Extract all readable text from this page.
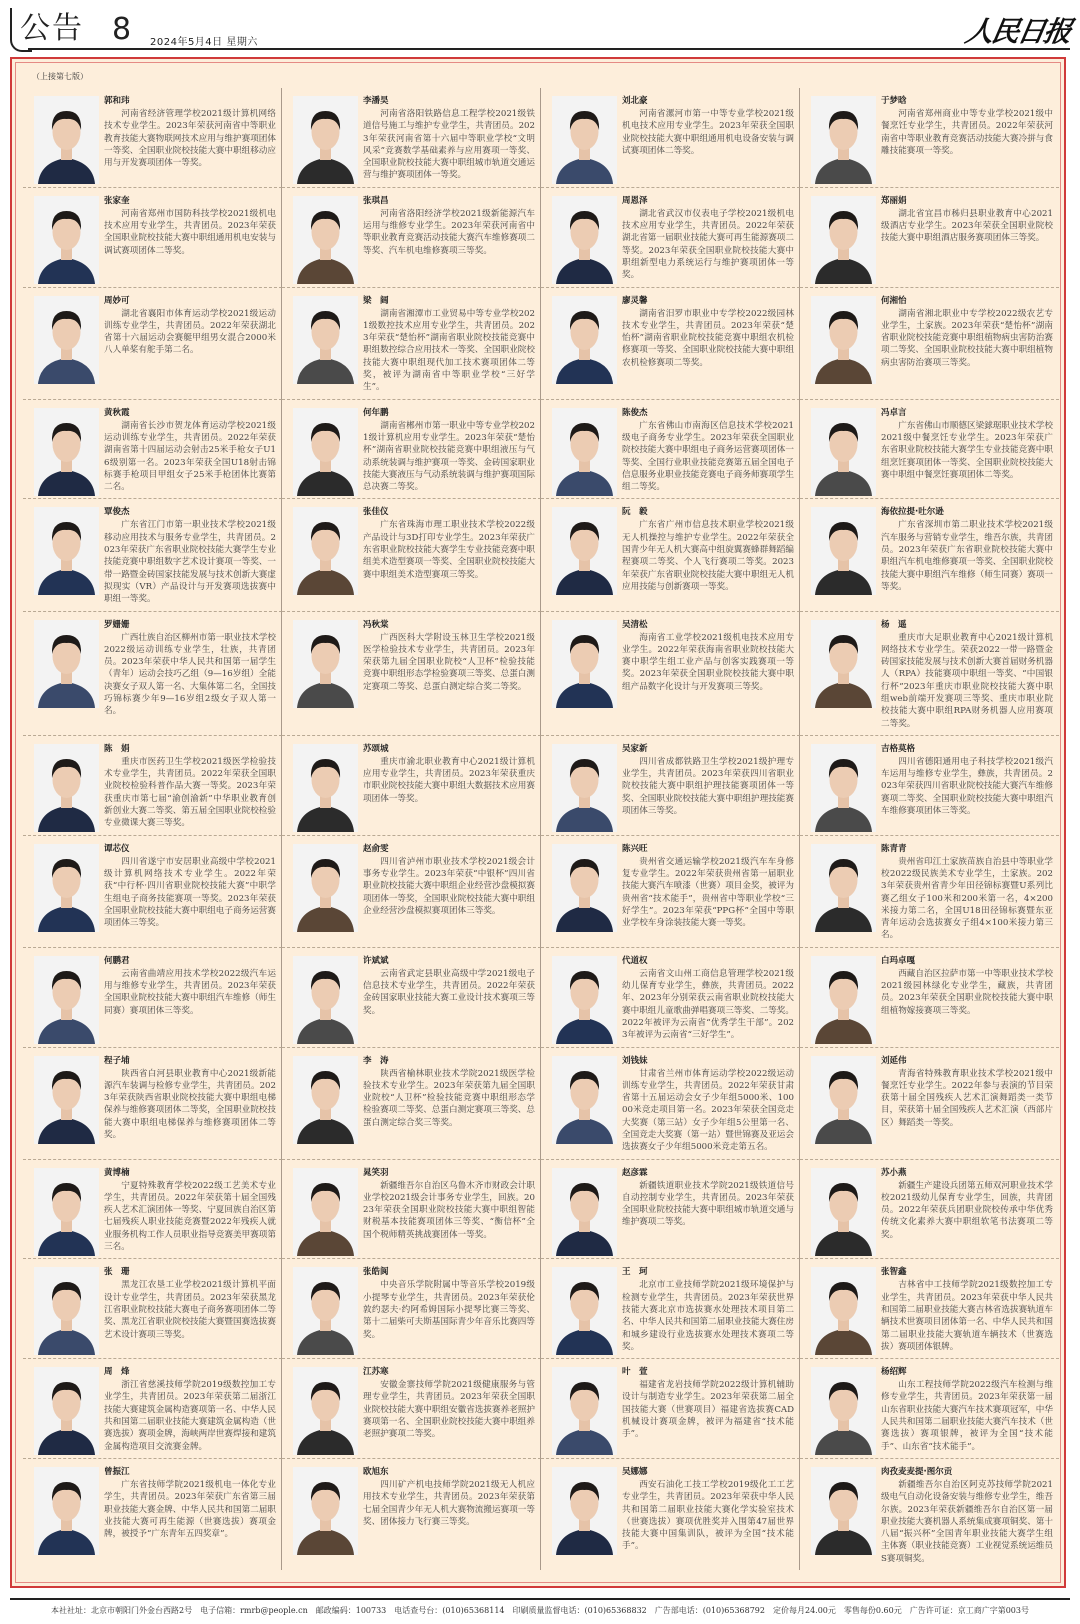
公告 8 2024年5月4日 星期六	人民日报
（上接第七版）
郭和玮
河南省经济管理学校2021级计算机网络技术专业学生。2023年荣获河南省中等职业教育技能大赛物联网技术应用与维护赛项团体一等奖、全国职业院校技能大赛中职组移动应用与开发赛项团体一等奖。
李潘昊
河南省洛阳铁路信息工程学校2021级铁道信号施工与维护专业学生，共青团员。2023年荣获河南省第十六届中等职业学校“文明风采”竞赛数学基础素养与应用赛项一等奖、全国职业院校技能大赛中职组城市轨道交通运营与维护赛项团体一等奖。
刘北豪
河南省漯河市第一中等专业学校2021级机电技术应用专业学生。2023年荣获全国职业院校技能大赛中职组通用机电设备安装与调试赛项团体二等奖。
于梦晗
河南省郑州商业中等专业学校2021级中餐烹饪专业学生，共青团员。2022年荣获河南省中等职业教育竞赛活动技能大赛冷拼与食雕技能赛项一等奖。
张家奎
河南省郑州市国防科技学校2021级机电技术应用专业学生，共青团员。2023年荣获全国职业院校技能大赛中职组通用机电安装与调试赛项团体二等奖。
张琪昌
河南省洛阳经济学校2021级新能源汽车运用与维修专业学生。2023年荣获河南省中等职业教育竞赛活动技能大赛汽车维修赛项二等奖、汽车机电维修赛项三等奖。
周恩泽
湖北省武汉市仪表电子学校2021级机电技术应用专业学生，共青团员。2022年荣获湖北省第一届职业技能大赛可再生能源赛项二等奖。2023年荣获全国职业院校技能大赛中职组新型电力系统运行与维护赛项团体一等奖。
郑丽娟
湖北省宜昌市秭归县职业教育中心2021级酒店专业学生。2023年荣获全国职业院校技能大赛中职组酒店服务赛项团体三等奖。
周妙可
湖北省襄阳市体育运动学校2021级运动训练专业学生，共青团员。2022年荣获湖北省第十六届运动会赛艇甲组男女混合2000米八人单桨有舵手第二名。
梁　阔
湖南省湘潭市工业贸易中等专业学校2021级数控技术应用专业学生，共青团员。2023年荣获“楚怡杯”湖南省职业院校技能竞赛中职组数控综合应用技术一等奖、全国职业院校技能大赛中职组现代加工技术赛项团体二等奖，被评为湖南省中等职业学校“三好学生”。
廖灵馨
湖南省汨罗市职业中专学校2022级园林技术专业学生，共青团员。2023年荣获“楚怡杯”湖南省职业院校技能竞赛中职组农机检修赛项一等奖、全国职业院校技能大赛中职组农机检修赛项二等奖。
何湘怡
湖南省湘北职业中专学校2022级农艺专业学生，土家族。2023年荣获“楚怡杯”湖南省职业院校技能竞赛中职组植物病虫害防治赛项二等奖、全国职业院校技能大赛中职组植物病虫害防治赛项三等奖。
黄秋霞
湖南省长沙市贺龙体育运动学校2021级运动训练专业学生，共青团员。2022年荣获湖南省第十四届运动会射击25米手枪女子U16级别第一名。2023年荣获全国U18射击锦标赛手枪项目甲组女子25米手枪团体比赛第二名。
何年鹏
湖南省郴州市第一职业中等专业学校2021级计算机应用专业学生。2023年荣获“楚怡杯”湖南省职业院校技能竞赛中职组液压与气动系统装调与维护赛项一等奖、金砖国家职业技能大赛液压与气动系统装调与维护赛项国际总决赛二等奖。
陈俊杰
广东省佛山市南海区信息技术学校2021级电子商务专业学生。2023年荣获全国职业院校技能大赛中职组电子商务运营赛项团体一等奖、全国行业职业技能竞赛第五届全国电子信息服务业职业技能竞赛电子商务师赛项学生组二等奖。
冯卓言
广东省佛山市顺德区梁銶琚职业技术学校2021级中餐烹饪专业学生。2023年荣获广东省职业院校技能大赛学生专业技能竞赛中职组烹饪赛项团体一等奖、全国职业院校技能大赛中职组中餐烹饪赛项团体二等奖。
覃俊杰
广东省江门市第一职业技术学校2021级移动应用技术与服务专业学生，共青团员。2023年荣获广东省职业院校技能大赛学生专业技能竞赛中职组数字艺术设计赛项一等奖、一带一路暨金砖国家技能发展与技术创新大赛虚拟现实（VR）产品设计与开发赛项选拔赛中职组一等奖。
张佳仪
广东省珠海市理工职业技术学校2022级产品设计与3D打印专业学生。2023年荣获广东省职业院校技能大赛学生专业技能竞赛中职组美术造型赛项一等奖、全国职业院校技能大赛中职组美术造型赛项三等奖。
阮　毅
广东省广州市信息技术职业学校2021级无人机操控与维护专业学生。2022年荣获全国青少年无人机大赛高中组旋翼赛蜂群舞蹈编程赛项二等奖、个人飞行赛项二等奖。2023年荣获广东省职业院校技能大赛中职组无人机应用技能与创新赛项一等奖。
海依拉提·吐尔逊
广东省深圳市第二职业技术学校2021级汽车服务与营销专业学生，维吾尔族，共青团员。2023年荣获广东省职业院校技能大赛中职组汽车机电维修赛项一等奖、全国职业院校技能大赛中职组汽车维修（师生同赛）赛项一等奖。
罗姗姗
广西壮族自治区柳州市第一职业技术学校2022级运动训练专业学生，壮族，共青团员。2023年荣获中华人民共和国第一届学生（青年）运动会技巧乙组（9—16岁组）全能决赛女子双人第一名、大集体第二名，全国技巧锦标赛少年9—16岁组2级女子双人第一名。
冯秋棠
广西医科大学附设玉林卫生学校2021级医学检验技术专业学生，共青团员。2023年荣获第九届全国职业院校“人卫杯”检验技能竞赛中职组形态学检验赛项三等奖、总蛋白测定赛项二等奖、总蛋白测定综合奖二等奖。
吴清松
海南省工业学校2021级机电技术应用专业学生。2022年荣获海南省职业院校技能大赛中职学生组工业产品与创客实践赛项一等奖。2023年荣获全国职业院校技能大赛中职组产品数字化设计与开发赛项三等奖。
杨　遥
重庆市大足职业教育中心2021级计算机网络技术专业学生。荣获2022一带一路暨金砖国家技能发展与技术创新大赛首届财务机器人（RPA）技能赛项中职组一等奖、“中国银行杯”2023年重庆市职业院校技能大赛中职组web前端开发赛项三等奖、重庆市职业院校技能大赛中职组RPA财务机器人应用赛项二等奖。
陈　娟
重庆市医药卫生学校2021级医学检验技术专业学生，共青团员。2022年荣获全国职业院校检验科普作品大赛一等奖。2023年荣获重庆市第七届“渝创渝新”中华职业教育创新创业大赛二等奖、第五届全国职业院校检验专业微课大赛三等奖。
苏颂城
重庆市渝北职业教育中心2021级计算机应用专业学生，共青团员。2023年荣获重庆市职业院校技能大赛中职组大数据技术应用赛项团体一等奖。
吴家新
四川省成都铁路卫生学校2021级护理专业学生，共青团员。2023年荣获四川省职业院校技能大赛中职组护理技能赛项团体一等奖、全国职业院校技能大赛中职组护理技能赛项团体三等奖。
吉格莫格
四川省德阳通用电子科技学校2021级汽车运用与维修专业学生，彝族，共青团员。2023年荣获四川省职业院校技能大赛汽车维修赛项二等奖、全国职业院校技能大赛中职组汽车维修赛项团体三等奖。
谭芯仪
四川省遂宁市安居职业高级中学校2021级计算机网络技术专业学生。2022年荣获“中行杯·四川省职业院校技能大赛”中职学生组电子商务技能赛项一等奖。2023年荣获全国职业院校技能大赛中职组电子商务运营赛项团体三等奖。
赵俞雯
四川省泸州市职业技术学校2021级会计事务专业学生。2023年荣获“中银杯”四川省职业院校技能大赛中职组企业经营沙盘模拟赛项团体一等奖，全国职业院校技能大赛中职组企业经营沙盘模拟赛项团体三等奖。
陈兴旺
贵州省交通运输学校2021级汽车车身修复专业学生。2022年荣获贵州省第一届职业技能大赛汽车喷漆（世赛）项目金奖，被评为贵州省“技术能手”，贵州省中等职业学校“三好学生”。2023年荣获“PPG杯”全国中等职业学校车身涂装技能大赛一等奖。
陈青青
贵州省印江土家族苗族自治县中等职业学校2022级民族美术专业学生，土家族。2023年荣获贵州省青少年田径锦标赛暨U系列比赛乙组女子100米和200米第一名，4×200米接力第二名，全国U18田径锦标赛暨东亚青年运动会选拔赛女子组4×100米接力第三名。
何鹏君
云南省曲靖应用技术学校2022级汽车运用与维修专业学生，共青团员。2023年荣获全国职业院校技能大赛中职组汽车维修（师生同赛）赛项团体三等奖。
许斌斌
云南省武定县职业高级中学2021级电子信息技术专业学生，共青团员。2022年荣获金砖国家职业技能大赛工业设计技术赛项三等奖。
代道权
云南省文山州工商信息管理学校2021级幼儿保育专业学生，彝族，共青团员。2022年、2023年分别荣获云南省职业院校技能大赛中职组儿童歌曲弹唱赛项三等奖、二等奖。2022年被评为云南省“优秀学生干部”。2023年被评为云南省“三好学生”。
白玛卓嘎
西藏自治区拉萨市第一中等职业技术学校2021级园林绿化专业学生，藏族，共青团员。2023年荣获全国职业院校技能大赛中职组植物嫁接赛项三等奖。
程子埔
陕西省白河县职业教育中心2021级新能源汽车装调与检修专业学生，共青团员。2023年荣获陕西省职业院校技能大赛中职组电梯保养与维修赛项团体二等奖，全国职业院校技能大赛中职组电梯保养与维修赛项团体二等奖。
李　涛
陕西省榆林职业技术学院2021级医学检验技术专业学生。2023年荣获第九届全国职业院校“人卫杯”检验技能竞赛中职组形态学检验赛项二等奖、总蛋白测定赛项三等奖、总蛋白测定综合奖三等奖。
刘钱妹
甘肃省兰州市体育运动学校2022级运动训练专业学生，共青团员。2022年荣获甘肃省第十五届运动会女子少年组5000米、10000米竞走项目第一名。2023年荣获全国竞走大奖赛（第三站）女子少年组5公里第一名、全国竞走大奖赛（第一站）暨世锦赛及亚运会选拔赛女子少年组5000米竞走第五名。
刘延伟
青海省特殊教育职业技术学校2021级中餐烹饪专业学生。2022年参与表演的节目荣获第十届全国残疾人艺术汇演舞蹈类一类节目，荣获第十届全国残疾人艺术汇演（西部片区）舞蹈类一等奖。
黄博楠
宁夏特殊教育学校2022级工艺美术专业学生，共青团员。2022年荣获第十届全国残疾人艺术汇演团体一等奖、宁夏回族自治区第七届残疾人职业技能竞赛暨2022年残疾人就业服务机构工作人员职业指导竞赛美甲赛项第三名。
晁笑羽
新疆维吾尔自治区乌鲁木齐市财政会计职业学校2021级会计事务专业学生，回族。2023年荣获全国职业院校技能大赛中职组智能财税基本技能赛项团体三等奖、“衡信杯”全国个税师精英挑战赛团体一等奖。
赵彦霖
新疆铁道职业技术学院2021级铁道信号自动控制专业学生，共青团员。2023年荣获全国职业院校技能大赛中职组城市轨道交通与维护赛项二等奖。
苏小燕
新疆生产建设兵团第五师双河职业技术学校2021级幼儿保育专业学生，回族，共青团员。2022年荣获兵团职业院校传承中华优秀传统文化素养大赛中职组软笔书法赛项二等奖。
张　珊
黑龙江农垦工业学校2021级计算机平面设计专业学生，共青团员。2023年荣获黑龙江省职业院校技能大赛电子商务赛项团体二等奖、黑龙江省职业院校技能大赛暨国赛选拔赛艺术设计赛项三等奖。
张皓阆
中央音乐学院附属中等音乐学校2019级小提琴专业学生，共青团员。2023年荣获伦敦约瑟夫·约阿希姆国际小提琴比赛三等奖、第十二届柴可夫斯基国际青少年音乐比赛四等奖。
王　珂
北京市工业技师学院2021级环境保护与检测专业学生，共青团员。2023年荣获世界技能大赛北京市选拔赛水处理技术项目第二名、中华人民共和国第二届职业技能大赛住房和城乡建设行业选拔赛水处理技术赛项二等奖。
张智鑫
吉林省中工技师学院2021级数控加工专业学生，共青团员。2023年荣获中华人民共和国第二届职业技能大赛吉林省选拔赛轨道车辆技术世赛项目团体第一名、中华人民共和国第二届职业技能大赛轨道车辆技术（世赛选拔）赛项团体银牌。
周　烽
浙江省慈溪技师学院2019级数控加工专业学生，共青团员。2023年荣获第二届浙江技能大赛建筑金属构造赛项第一名、中华人民共和国第二届职业技能大赛建筑金属构造（世赛选拔）赛项金牌，海峡两岸世赛焊接和建筑金属构造项目交流赛金牌。
江苏寒
安徽金寨技师学院2021级健康服务与管理专业学生，共青团员。2023年荣获全国职业院校技能大赛中职组安徽省选拔赛养老照护赛项第一名、全国职业院校技能大赛中职组养老照护赛项二等奖。
叶　萱
福建省龙岩技师学院2022级计算机辅助设计与制造专业学生。2023年荣获第二届全国技能大赛（世赛项目）福建省选拔赛CAD机械设计赛项金牌，被评为福建省“技术能手”。
杨绍辉
山东工程技师学院2022级汽车检测与维修专业学生，共青团员。2023年荣获第一届山东省职业技能大赛汽车技术赛项冠军，中华人民共和国第二届职业技能大赛汽车技术（世赛选拔）赛项银牌，被评为全国“技术能手”、山东省“技术能手”。
曾振江
广东省技师学院2021级机电一体化专业学生，共青团员。2023年荣获广东省第三届职业技能大赛金牌、中华人民共和国第二届职业技能大赛可再生能源（世赛选拔）赛项金牌，被授予“广东青年五四奖章”。
欧旭东
四川矿产机电技师学院2021级无人机应用技术专业学生，共青团员。2023年荣获第七届全国青少年无人机大赛物流搬运赛项一等奖、团体接力飞行赛三等奖。
吴娜娜
西安石油化工技工学校2019级化工工艺专业学生，共青团员。2023年荣获中华人民共和国第二届职业技能大赛化学实验室技术（世赛选拔）赛项优胜奖并入围第47届世界技能大赛中国集训队，被评为全国“技术能手”。
肉孜麦麦提·图尔贡
新疆维吾尔自治区阿克苏技师学院2021级电气自动化设备安装与维修专业学生，维吾尔族。2023年荣获新疆维吾尔自治区第一届职业技能大赛机器人系统集成赛项铜奖、第十八届“振兴杯”全国青年职业技能大赛学生组主体赛（职业技能竞赛）工业视觉系统运维员S赛项铜奖。
本社社址：北京市朝阳门外金台西路2号 电子信箱：rmrb@people.cn 邮政编码：100733 电话查号台：(010)65368114 印刷质量监督电话：(010)65368832 广告部电话：(010)65368792 定价每月24.00元 零售每份0.60元 广告许可证：京工商广字第003号
